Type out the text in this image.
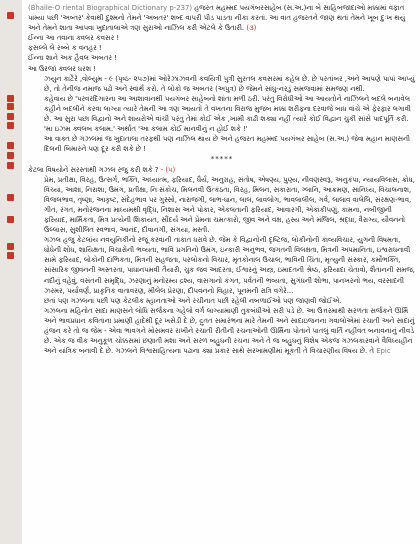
(Bhaile-O riental Biographical Dictionary p-237) હજરત મહમ્મદ પયગંબરસાહેબ (સ.અ.)ના બે સાહિબજાદાઓ મક્કામાં વફાત પામ્યા પછી 'અબ્તર' કેવાથી દુશ્મનો તેમને 'અબતર' શબ્દ વાપરી પીડ પાડતા નીકા કરતાં. આ વાત હજરતને જાણ થતાં તેમને ખૂબ દુઃખ થયું અને તેમને શાતા આપવા ખુદાતાલાએ ત્રણ સુરાઓ નાઝિલ કરી એટલે કે ઉતારી. (૩)

ઈન્ના આ તવાના ક્વલર કવસર !

ફસલ્લે લે રબ્બે ક વનહર !

ઈન્ના શાને અક હૈવલ અબતર !

આ ઉરજાં ક્વલર ધરશ !

ઝયુન કાર્ટેરે ,વોલ્યુમ - ૯ (પૃષ્ઠ- ૨૫૭)માં ઓરેઝાંઝવની કવયિત્રી પુત્રી સુરતલ કવસરમાં કહેલ છે. છે પરતાંબર ,અને આપણે પાપાં આપ્યું છે, તો તેનીજ નમાજ પઢો અને સ્વાર્થ કરો. તે લોકો જ અબતર (અપુત્ર) છે જેમને સાંધુ-નરડું સમજવામાં સમજણ નથી.

કહેવાય છે 'પરવરદિગારના આ આશાવાનથી પયગંબર સાહેબનો શાંતા મળી ઠરી. પરંતુ વિરોધીઓ આ આયતોને નાઝિલને બદલે બનાવેલ કહીને બદલીને કરવા લાગ્યા ત્યારે તેમની આ ત્રણ આયતો તે વખતના વિરાજ મુજબ મક્કા શરીફના દરવાજે બાધ વાંચે એ ફેરફાર લગાવી છે. આ સુરા પછા વિદ્વાનો અને શાયરોએ વાંચી પરંતુ તેમાં કોઈ એક ,ખામી કાઢી શક્યા નહીં ત્યારે કોઈ વિદ્વાન ચુકી સાંસે પાદપૂર્તિ કરી.

'મા ઇઝમ ક્વલબ કલામ.' અર્થાત 'આ કલામ કોઈ માનવીનું ન હોઈ શકે !'

આ વાક્ત છે ગઝલમાં જ ખુદાતાલા તરફથી પણ નાઝિલ થાય છે અને હજરત મહમ્મદ પયગંબર સાહેબ (સ.અ.) જેવા મહાન માણસની દિલની બિમારને પણ દૂર કરી શકે છે !

*****

કેટલા વિષયોને સરસ્તાથી ગઝલ રજુ કરી શકે ? - (૫)

પ્રેમ, પ્રતીક્ષા, વિરહ, ઉત્સર્ગ, ભક્તિ, અધ્યાત્મ, ફરિયાદ, ધૈર્ય, અનુગ્રહ, સંતોષ, એષણ્ય, પુણ્ય, નીવણસ્વરૂ, અનુકંપા, ન્યાયવિલાસ, ક્રોધ, વિચ્યા, આશા, નિરાશા, ઉમંગ, પ્રતીક્ષા, નિઃસંકોચ, મિલનવી ઉત્કંઠતા, વિરહ, મિલન, સકારાતા, ગ્લાનિ, આક્રમણ, સાંનિધ્ય, વિચાલનાશ, વિજલભાવ, તૃષ્ણા, આકૃષ્ટ, સંદેહભાવ પર ગુસ્સો, નારાજગી, લાભ-ધાન, લાલ, લાવલોગ, ભાવલાલીલ, ગર્વ, લાલાવ વાલેલિ, સંરક્ષણ-ભાવ, ગીત, રંગત, મનોરંજનના માધ્યમથી વૃદ્ધિ, નિશાસ અને પોકાર, એકલતાની ફરિયાદ, આવારગી, એકાકીપણું, કામના, નબીજીની ફરિયાદ, માર્મિકતા, મિત્ર પ્રત્યેની શિકાયત, સૌંદર્ય અને પ્રેમના ચમત્કારો, જીવ અને વક્ષ, હસ્ય અને મંજિલ, શ્રદ્ધા, વૈરાગ્ય, યૌવનનો ઉલ્લાસ, સુશીલિત સ્વભાવ, આનંદ, દીવાનગી, સંગયા, મસ્તી.

ગઝલ હજુ કેટલાંય નવયુનિકીનો રજૂ કરવાની તાકાત ધરાવે છે. જેમ કે વિદ્વાનોની દૃષ્ટિજ, લોકીનોની કાવ્યવિચાર, યુગની વિષમતા, ધોધેની શોધ, શાયિક્ષતા, વિચારોની ભવ્યતા, ભાવિ પ્રગતિનો ઉમંગ, ઇન્કારી અનુભવ, જગતની વિલક્ષતા, મિત્રની અપમાનિતા, ઇશ્વરાધનાવી સામે ફરિયાદ, લોકોની દાંભિકતા, મિત્રની સહજતા, પરલોકનો વિચાર, મૃતકોનાલ ઉચાલ, ભાવિની ચિંતા, મૃત્યુની સંસ્કાર, કર્મોભક્તિ, સાંસારિક જીવનની અસ્તરતા, પાધાનપમવી તૈયારી, ચુક જવ આદરતા, ઈશ્વરનું અસ્ત્ર, ઇમાદતની શ્રેષ્ઠ, ફરિયાદા ચેતાવો, શૈતાનની સમજ, નદીનું વહેવું, વસંતની સમૃદ્ધિ, ઝરણાનું મનોરમ્ય દ્રશ્ય, વાસગાનો કંગત, પર્વતની ભવ્યતા, સુગંધની શોભા, પાનખરનો ભય, વરસાદની ઝરમર, પર્યાવર્ણ, પ્રાકૃતિક વાતાવરણ, મીલેલ પ્રેરણા, દીપવનનો વિહાર, પૂનમની રાત્રિ વગેરે...

છતાં પણ ગઝલના પછી પણ કેટલીક મ્હાનતાઓ અને રચીનાત પછી રહેલી નબળાઈઓ પણ જાણવી જોઈએ.

ગઝલના મહિનોત સાદા માણસને લોધિ સર્જકના ગહેલો વર્ગ લાગ્યામાણી તુકબંધીઓ સરી પડે છે. આ ઉત્તરમાથી સરળતા સર્જકને ઊર્મિ અને ભાવપ્રધાન કવિતાના પ્રમાણી હાદેથી દૂર ખસેડી દે છે, દ્રુતત સમારંભના મારે તેમની અને સાદાઇજનના ગવાલોએમાં રચાતી અને સાદાનું હંજન કરે તો જ જેમ - એવા ભાવગને મોસમવર રાખીને રચાતી રીતીની રચનાઓની ઊર્મિના પોતાને પાતલું વાર્તિ નહીંવત બનાવનાનું નીવડે છે. એક જ વીક અનુકૂળ ચોક્કસમાં છણાતી મશા અને સરળ બહુધની રચના અને તે જ બહુધનું વિશેષ એકજ ગઝલકારવાને વૈવિધ્યહીન અને યાંત્રિક બનાવી દે છે. ગઝલને વિશ્વસાહિત્યના પઢાના ક્યાં પ્રકાર સાથે સરખામણીમાં મૂકતી તે વિચારણીય વિષય છે. તે Epic
